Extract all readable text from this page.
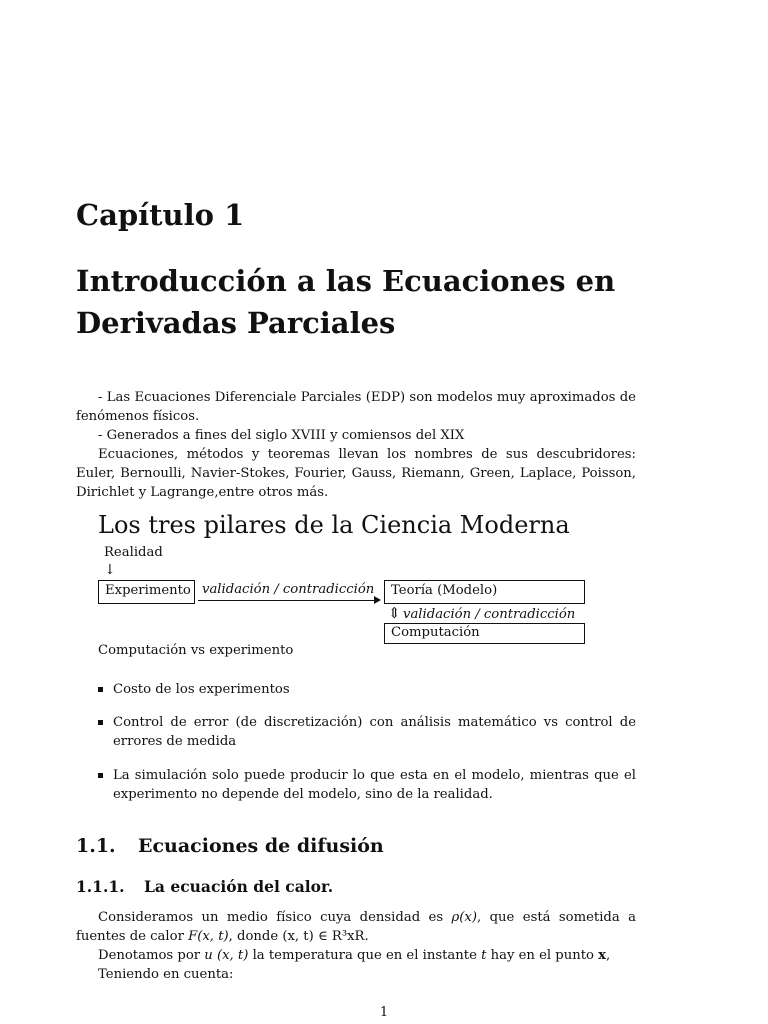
Capítulo 1
Introducción a las Ecuaciones en Derivadas Parciales
- Las Ecuaciones Diferenciale Parciales (EDP) son modelos muy aproximados de fenómenos físicos.
- Generados a fines del siglo XVIII y comiensos del XIX
Ecuaciones, métodos y teoremas llevan los nombres de sus descubridores: Euler, Bernoulli, Navier-Stokes, Fourier, Gauss, Riemann, Green, Laplace, Poisson, Dirichlet y Lagrange,entre otros más.
Los tres pilares de la Ciencia Moderna
Realidad
↓
Experimento validación / contradicción	Teoría (Modelo)
⇕ validación / contradicción
Computación
Computación vs experimento
Costo de los experimentos
Control de error (de discretización) con análisis matemático vs control de errores de medida
La simulación solo puede producir lo que esta en el modelo, mientras que el experimento no depende del modelo, sino de la realidad.
1.1. Ecuaciones de difusión
1.1.1. La ecuación del calor.
Consideramos un medio físico cuya densidad es ρ(x), que está sometida a fuentes de calor F(x, t), donde (x, t) ∈ R³xR.
Denotamos por u (x, t) la temperatura que en el instante t hay en el punto x,
Teniendo en cuenta:
1
